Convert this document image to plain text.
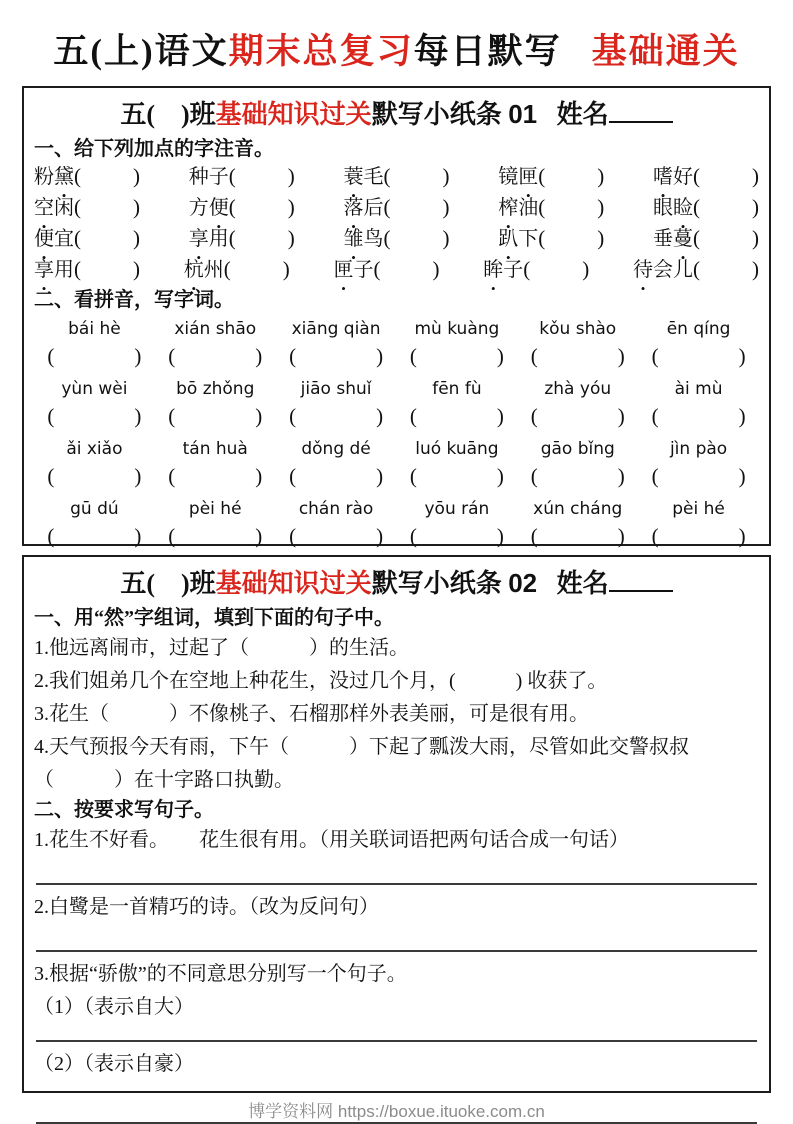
五(上)语文期末总复习每日默写 基础通关
五(　)班基础知识过关默写小纸条 01 姓名
一、给下列加点的字注音。
粉黛 ( ) 种子 ( ) 蓑毛 ( ) 镜匣 ( ) 嗜好 ( )
空闲 ( ) 方便 ( ) 落后 ( ) 榨油 ( ) 眼睑 ( )
便宜 ( ) 享用 ( ) 雏鸟 ( ) 趴下 ( ) 垂蔓 ( )
享用 ( ) 杭州 ( ) 匣子 ( ) 眸子 ( ) 待会儿 ( )
二、看拼音，写字词。
bái hè	xián shāo	xiāng qiàn	mù kuàng	kǒu shào	ēn qíng
(	) (	) (	) (	) (	) (	)
yùn wèi	bō zhǒng	jiāo shuǐ	fēn fù	zhà yóu	ài mù
(	) (	) (	) (	) (	) (	)
ǎi xiǎo	tán huà	dǒng dé	luó kuāng	gāo bǐng	jìn pào
(	) (	) (	) (	) (	) (	)
gū dú	pèi hé	chán rào	yōu rán	xún cháng	pèi hé
(	) (	) (	) (	) (	) (	)
五(　)班基础知识过关默写小纸条 02 姓名
一、用“然”字组词，填到下面的句子中。
1.他远离闹市，过起了（　　　）的生活。
2.我们姐弟几个在空地上种花生，没过几个月，(　　　) 收获了。
3.花生（　　　）不像桃子、石榴那样外表美丽，可是很有用。
4.天气预报今天有雨，下午（　　　）下起了瓢泼大雨，尽管如此交警叔叔（　　　）在十字路口执勤。
二、按要求写句子。
1.花生不好看。　　花生很有用。（用关联词语把两句话合成一句话）
2.白鹭是一首精巧的诗。（改为反问句）
3.根据“骄傲”的不同意思分别写一个句子。
（1）（表示自大）
（2）（表示自豪）
博学资料网 https://boxue.ituoke.com.cn
